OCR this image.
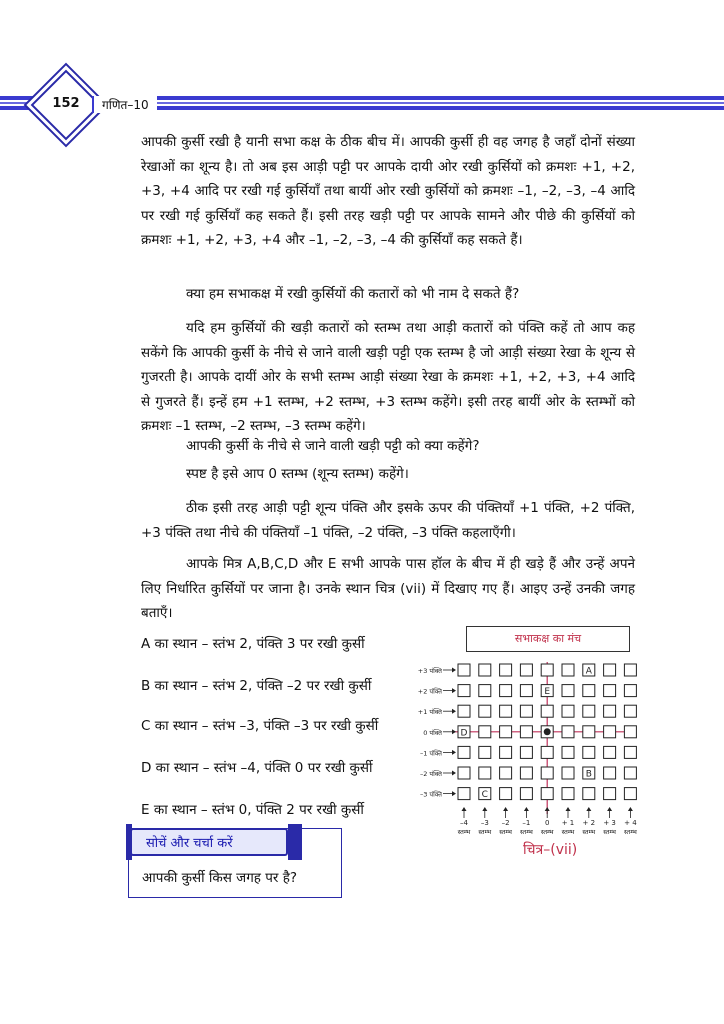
152	गणित–10
आपकी कुर्सी रखी है यानी सभा कक्ष के ठीक बीच में। आपकी कुर्सी ही वह जगह है जहाँ दोनों संख्या रेखाओं का शून्य है। तो अब इस आड़ी पट्टी पर आपके दायी ओर रखी कुर्सियों को क्रमशः +1, +2, +3, +4 आदि पर रखी गई कुर्सियाँ तथा बायीं ओर रखी कुर्सियों को क्रमशः –1, –2, –3, –4 आदि पर रखी गई कुर्सियाँ कह सकते हैं। इसी तरह खड़ी पट्टी पर आपके सामने और पीछे की कुर्सियों को क्रमशः +1, +2, +3, +4 और –1, –2, –3, –4 की कुर्सियाँ कह सकते हैं।
क्या हम सभाकक्ष में रखी कुर्सियों की कतारों को भी नाम दे सकते हैं?
यदि हम कुर्सियों की खड़ी कतारों को स्तम्भ तथा आड़ी कतारों को पंक्ति कहें तो आप कह सकेंगे कि आपकी कुर्सी के नीचे से जाने वाली खड़ी पट्टी एक स्तम्भ है जो आड़ी संख्या रेखा के शून्य से गुजरती है। आपके दायीं ओर के सभी स्तम्भ आड़ी संख्या रेखा के क्रमशः +1, +2, +3, +4 आदि से गुजरते हैं। इन्हें हम +1 स्तम्भ, +2 स्तम्भ, +3 स्तम्भ कहेंगे। इसी तरह बायीं ओर के स्तम्भों को क्रमशः –1 स्तम्भ, –2 स्तम्भ, –3 स्तम्भ कहेंगे।
आपकी कुर्सी के नीचे से जाने वाली खड़ी पट्टी को क्या कहेंगे?
स्पष्ट है इसे आप 0 स्तम्भ (शून्य स्तम्भ) कहेंगे।
ठीक इसी तरह आड़ी पट्टी शून्य पंक्ति और इसके ऊपर की पंक्तियाँ +1 पंक्ति, +2 पंक्ति, +3 पंक्ति तथा नीचे की पंक्तियाँ –1 पंक्ति, –2 पंक्ति, –3 पंक्ति कहलाएँगी।
आपके मित्र A,B,C,D और E सभी आपके पास हॉल के बीच में ही खड़े हैं और उन्हें अपने लिए निर्धारित कुर्सियों पर जाना है। उनके स्थान चित्र (vii) में दिखाए गए हैं। आइए उन्हें उनकी जगह बताएँ।
A का स्थान – स्तंभ 2, पंक्ति 3 पर रखी कुर्सी
B का स्थान – स्तंभ 2, पंक्ति –2 पर रखी कुर्सी
C का स्थान – स्तंभ –3, पंक्ति –3 पर रखी कुर्सी
D का स्थान – स्तंभ –4, पंक्ति 0 पर रखी कुर्सी
E का स्थान – स्तंभ 0, पंक्ति 2 पर रखी कुर्सी
सोचें और चर्चा करें
आपकी कुर्सी किस जगह पर है?
सभाकक्ष का मंच
+3 पंक्ति
+2 पंक्ति
+1 पंक्ति
0 पंक्ति
–1 पंक्ति
–2 पंक्ति
–3 पंक्ति
A
B
C
D
E
–4
स्तम्भ
–3
स्तम्भ
–2
स्तम्भ
–1
स्तम्भ
0
स्तम्भ
+ 1
स्तम्भ
+ 2
स्तम्भ
+ 3
स्तम्भ
+ 4
स्तम्भ
चित्र–(vii)
